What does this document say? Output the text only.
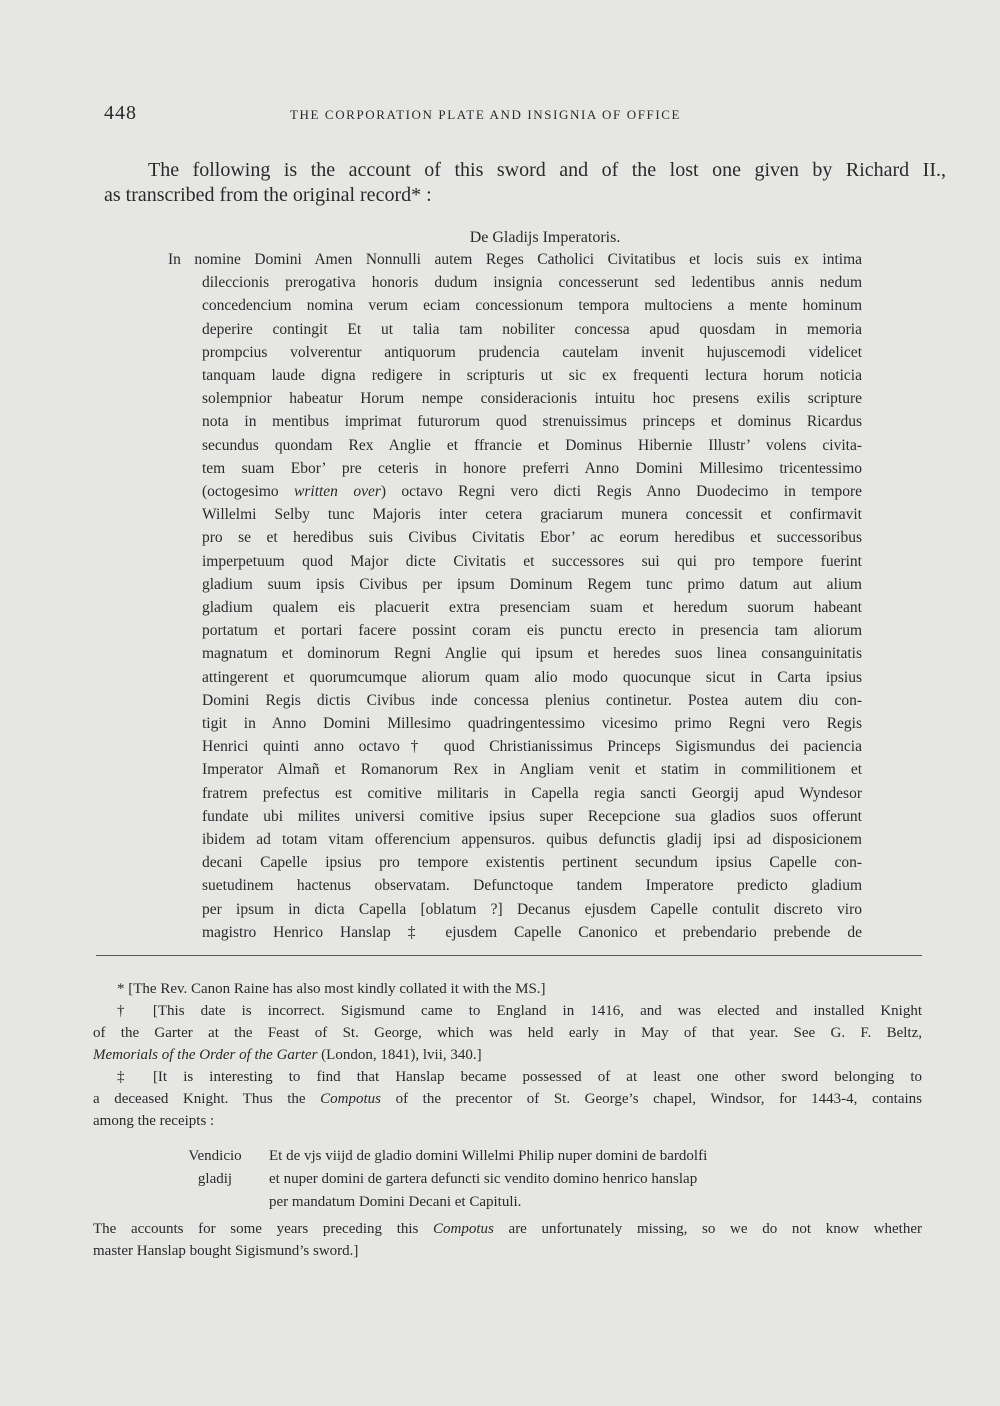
448	THE CORPORATION PLATE AND INSIGNIA OF OFFICE
The following is the account of this sword and of the lost one given by Richard II.,
as transcribed from the original record* :
De Gladijs Imperatoris.
In nomine Domini Amen Nonnulli autem Reges Catholici Civitatibus et locis suis ex intima
dileccionis prerogativa honoris dudum insignia concesserunt sed ledentibus annis nedum
concedencium nomina verum eciam concessionum tempora multociens a mente hominum
deperire contingit Et ut talia tam nobiliter concessa apud quosdam in memoria
prompcius volverentur antiquorum prudencia cautelam invenit hujuscemodi videlicet
tanquam laude digna redigere in scripturis ut sic ex frequenti lectura horum noticia
solempnior habeatur Horum nempe consideracionis intuitu hoc presens exilis scripture
nota in mentibus imprimat futurorum quod strenuissimus princeps et dominus Ricardus
secundus quondam Rex Anglie et ffrancie et Dominus Hibernie Illustr’ volens civita-
tem suam Ebor’ pre ceteris in honore preferri Anno Domini Millesimo tricentessimo
(octogesimo written over) octavo Regni vero dicti Regis Anno Duodecimo in tempore
Willelmi Selby tunc Majoris inter cetera graciarum munera concessit et confirmavit
pro se et heredibus suis Civibus Civitatis Ebor’ ac eorum heredibus et successoribus
imperpetuum quod Major dicte Civitatis et successores sui qui pro tempore fuerint
gladium suum ipsis Civibus per ipsum Dominum Regem tunc primo datum aut alium
gladium qualem eis placuerit extra presenciam suam et heredum suorum habeant
portatum et portari facere possint coram eis punctu erecto in presencia tam aliorum
magnatum et dominorum Regni Anglie qui ipsum et heredes suos linea consanguinitatis
attingerent et quorumcumque aliorum quam alio modo quocunque sicut in Carta ipsius
Domini Regis dictis Civibus inde concessa plenius continetur. Postea autem diu con-
tigit in Anno Domini Millesimo quadringentessimo vicesimo primo Regni vero Regis
Henrici quinti anno octavo† quod Christianissimus Princeps Sigismundus dei paciencia
Imperator Almañ et Romanorum Rex in Angliam venit et statim in commilitionem et
fratrem prefectus est comitive militaris in Capella regia sancti Georgij apud Wyndesor
fundate ubi milites universi comitive ipsius super Recepcione sua gladios suos offerunt
ibidem ad totam vitam offerencium appensuros. quibus defunctis gladij ipsi ad disposicionem
decani Capelle ipsius pro tempore existentis pertinent secundum ipsius Capelle con-
suetudinem hactenus observatam. Defunctoque tandem Imperatore predicto gladium
per ipsum in dicta Capella [oblatum ?] Decanus ejusdem Capelle contulit discreto viro
magistro Henrico Hanslap ‡ ejusdem Capelle Canonico et prebendario prebende de
* [The Rev. Canon Raine has also most kindly collated it with the MS.]
† [This date is incorrect. Sigismund came to England in 1416, and was elected and installed Knight
of the Garter at the Feast of St. George, which was held early in May of that year. See G. F. Beltz,
Memorials of the Order of the Garter (London, 1841), lvii, 340.]
‡ [It is interesting to find that Hanslap became possessed of at least one other sword belonging to
a deceased Knight. Thus the Compotus of the precentor of St. George’s chapel, Windsor, for 1443-4, contains
among the receipts :
Vendicio
gladij
Et de vjs viijd de gladio domini Willelmi Philip nuper domini de bardolfi
et nuper domini de gartera defuncti sic vendito domino henrico hanslap
per mandatum Domini Decani et Capituli.
The accounts for some years preceding this Compotus are unfortunately missing, so we do not know whether
master Hanslap bought Sigismund’s sword.]
